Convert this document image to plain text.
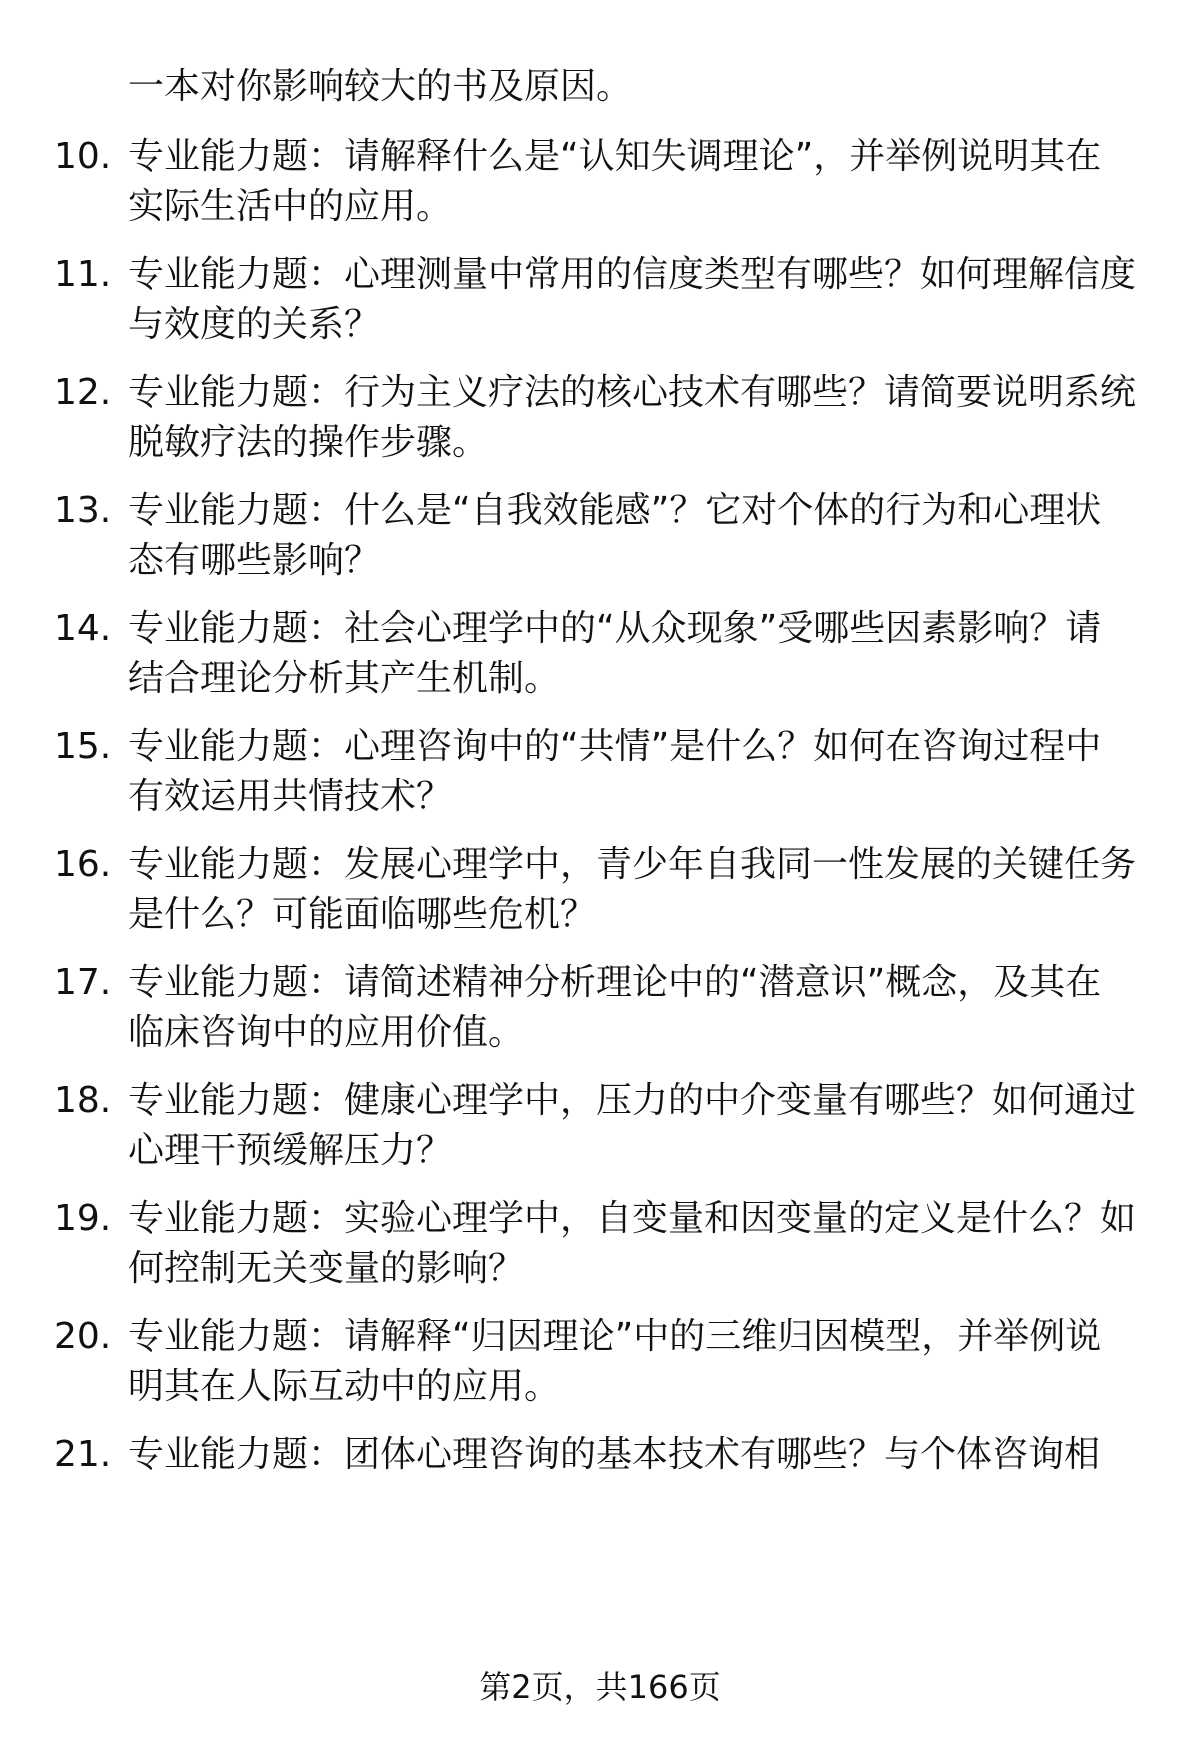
一本对你影响较大的书及原因。
10. 专业能力题：请解释什么是“认知失调理论”，并举例说明其在
实际生活中的应用。
11. 专业能力题：心理测量中常用的信度类型有哪些？如何理解信度
与效度的关系？
12. 专业能力题：行为主义疗法的核心技术有哪些？请简要说明系统
脱敏疗法的操作步骤。
13. 专业能力题：什么是“自我效能感”？它对个体的行为和心理状
态有哪些影响？
14. 专业能力题：社会心理学中的“从众现象”受哪些因素影响？请
结合理论分析其产生机制。
15. 专业能力题：心理咨询中的“共情”是什么？如何在咨询过程中
有效运用共情技术？
16. 专业能力题：发展心理学中，青少年自我同一性发展的关键任务
是什么？可能面临哪些危机？
17. 专业能力题：请简述精神分析理论中的“潜意识”概念，及其在
临床咨询中的应用价值。
18. 专业能力题：健康心理学中，压力的中介变量有哪些？如何通过
心理干预缓解压力？
19. 专业能力题：实验心理学中，自变量和因变量的定义是什么？如
何控制无关变量的影响？
20. 专业能力题：请解释“归因理论”中的三维归因模型，并举例说
明其在人际互动中的应用。
21. 专业能力题：团体心理咨询的基本技术有哪些？与个体咨询相
第2页，共166页
